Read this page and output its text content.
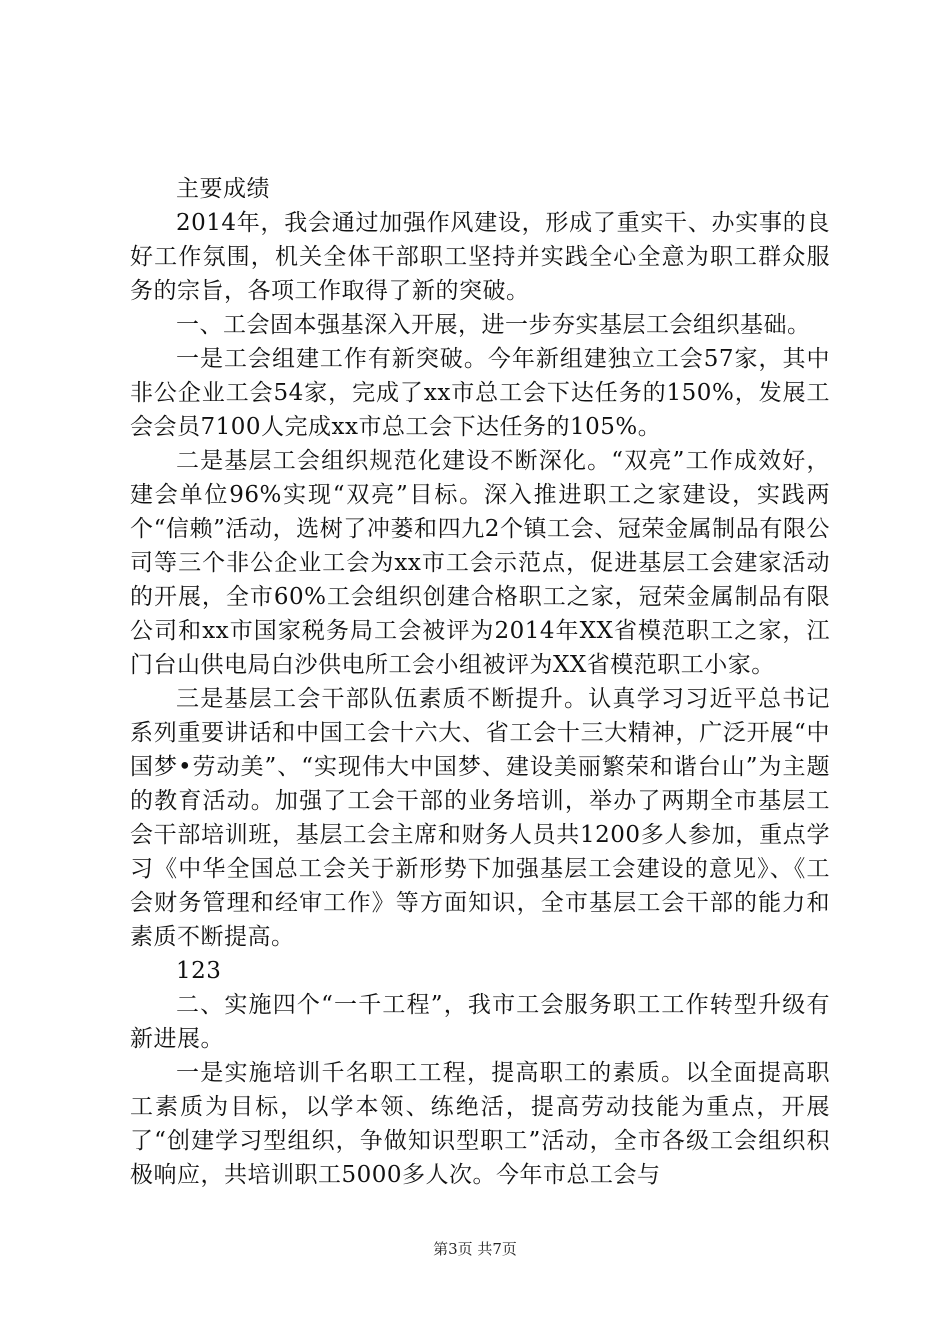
主要成绩

2014年，我会通过加强作风建设，形成了重实干、办实事的良好工作氛围，机关全体干部职工坚持并实践全心全意为职工群众服务的宗旨，各项工作取得了新的突破。

一、工会固本强基深入开展，进一步夯实基层工会组织基础。

一是工会组建工作有新突破。今年新组建独立工会57家，其中非公企业工会54家，完成了xx市总工会下达任务的150%，发展工会会员7100人完成xx市总工会下达任务的105%。

二是基层工会组织规范化建设不断深化。“双亮”工作成效好，建会单位96%实现“双亮”目标。深入推进职工之家建设，实践两个“信赖”活动，选树了冲蒌和四九2个镇工会、冠荣金属制品有限公司等三个非公企业工会为xx市工会示范点，促进基层工会建家活动的开展，全市60%工会组织创建合格职工之家，冠荣金属制品有限公司和xx市国家税务局工会被评为2014年XX省模范职工之家，江门台山供电局白沙供电所工会小组被评为XX省模范职工小家。

三是基层工会干部队伍素质不断提升。认真学习习近平总书记系列重要讲话和中国工会十六大、省工会十三大精神，广泛开展“中国梦•劳动美”、“实现伟大中国梦、建设美丽繁荣和谐台山”为主题的教育活动。加强了工会干部的业务培训，举办了两期全市基层工会干部培训班，基层工会主席和财务人员共1200多人参加，重点学习《中华全国总工会关于新形势下加强基层工会建设的意见》、《工会财务管理和经审工作》等方面知识，全市基层工会干部的能力和素质不断提高。

123

二、实施四个“一千工程”，我市工会服务职工工作转型升级有新进展。

一是实施培训千名职工工程，提高职工的素质。以全面提高职工素质为目标，以学本领、练绝活，提高劳动技能为重点，开展了“创建学习型组织，争做知识型职工”活动，全市各级工会组织积极响应，共培训职工5000多人次。今年市总工会与

第3页 共7页
